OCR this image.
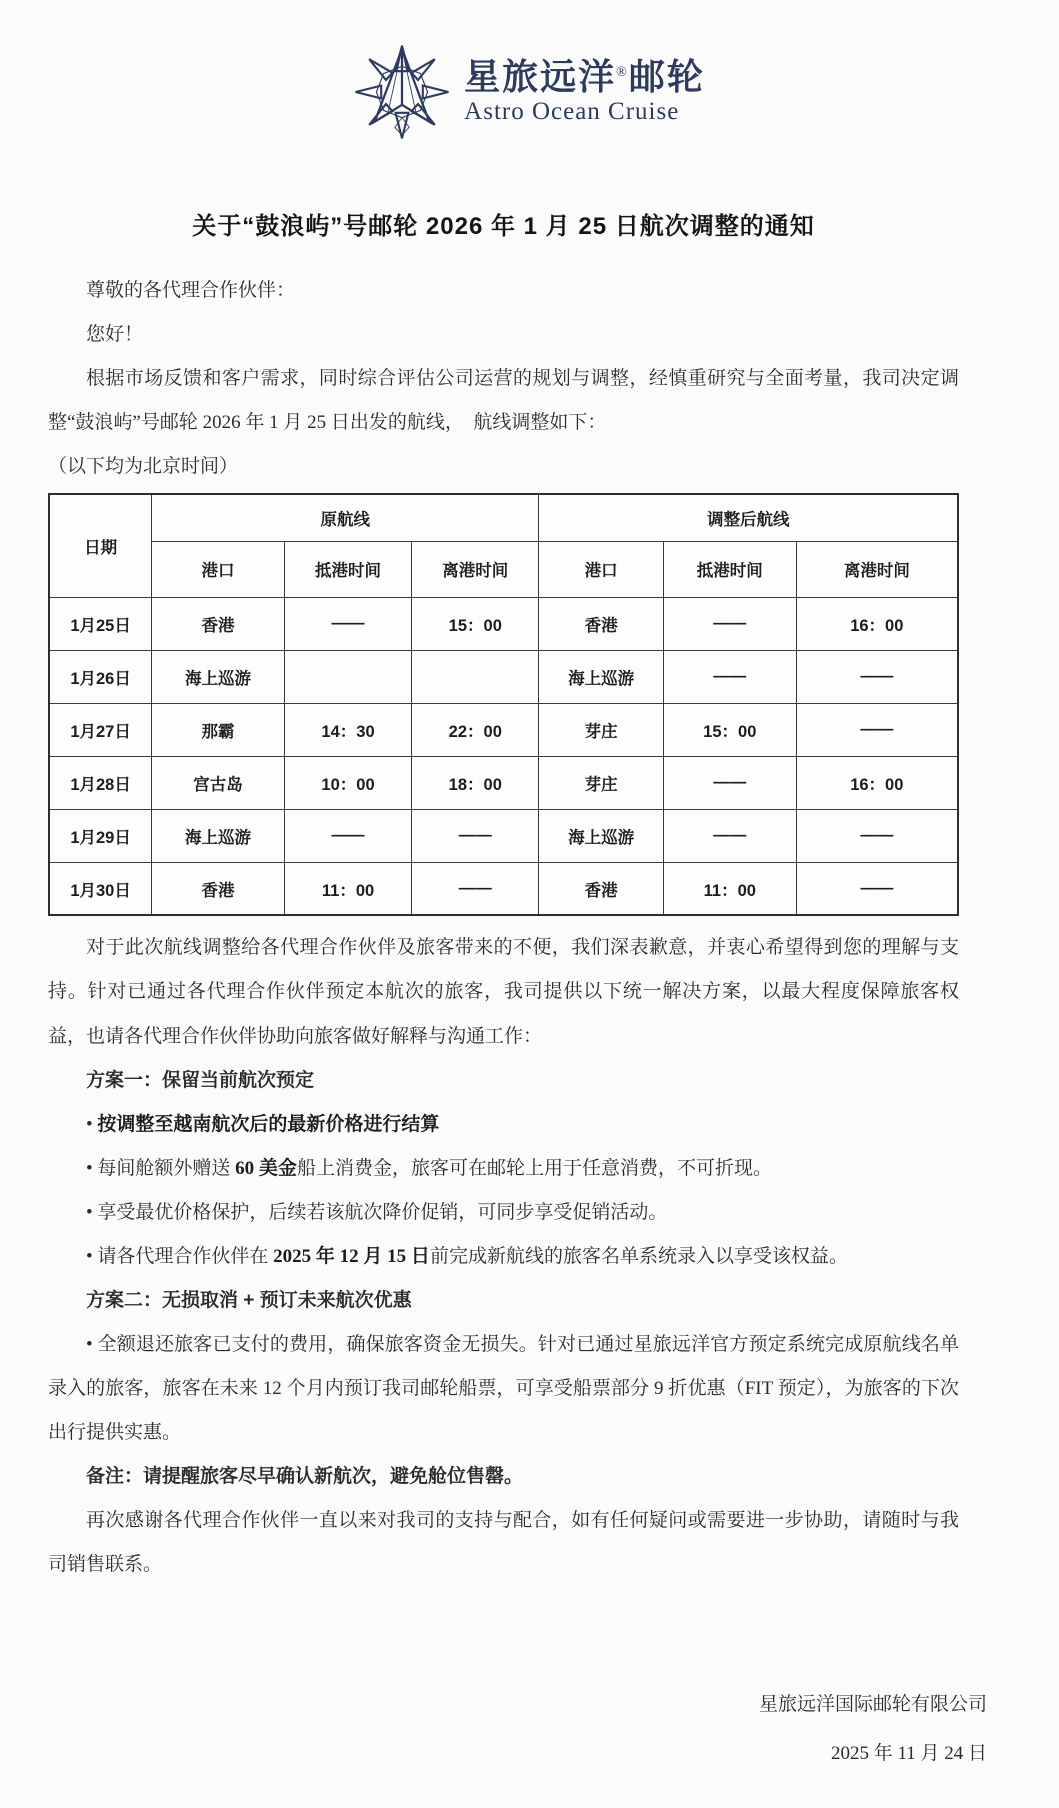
星旅远洋®邮轮
Astro Ocean Cruise
关于“鼓浪屿”号邮轮 2026 年 1 月 25 日航次调整的通知

尊敬的各代理合作伙伴：

您好！

根据市场反馈和客户需求，同时综合评估公司运营的规划与调整，经慎重研究与全面考量，我司决定调整“鼓浪屿”号邮轮 2026 年 1 月 25 日出发的航线，　航线调整如下：

（以下均为北京时间）

日期	原航线			调整后航线		
	港口	抵港时间	离港时间	港口	抵港时间	离港时间
1月25日	香港	——	15：00	香港	——	16：00
1月26日	海上巡游			海上巡游	——	——
1月27日	那霸	14：30	22：00	芽庄	15：00	——
1月28日	宫古岛	10：00	18：00	芽庄	——	16：00
1月29日	海上巡游	——	——	海上巡游	——	——
1月30日	香港	11：00	——	香港	11：00	——

对于此次航线调整给各代理合作伙伴及旅客带来的不便，我们深表歉意，并衷心希望得到您的理解与支持。针对已通过各代理合作伙伴预定本航次的旅客，我司提供以下统一解决方案，以最大程度保障旅客权益，也请各代理合作伙伴协助向旅客做好解释与沟通工作：

方案一：保留当前航次预定

• 按调整至越南航次后的最新价格进行结算

• 每间舱额外赠送 60 美金船上消费金，旅客可在邮轮上用于任意消费，不可折现。

• 享受最优价格保护，后续若该航次降价促销，可同步享受促销活动。

• 请各代理合作伙伴在 2025 年 12 月 15 日前完成新航线的旅客名单系统录入以享受该权益。

方案二：无损取消 + 预订未来航次优惠

• 全额退还旅客已支付的费用，确保旅客资金无损失。针对已通过星旅远洋官方预定系统完成原航线名单录入的旅客，旅客在未来 12 个月内预订我司邮轮船票，可享受船票部分 9 折优惠（FIT 预定），为旅客的下次出行提供实惠。

备注：请提醒旅客尽早确认新航次，避免舱位售罄。

再次感谢各代理合作伙伴一直以来对我司的支持与配合，如有任何疑问或需要进一步协助，请随时与我司销售联系。

星旅远洋国际邮轮有限公司
2025 年 11 月 24 日
